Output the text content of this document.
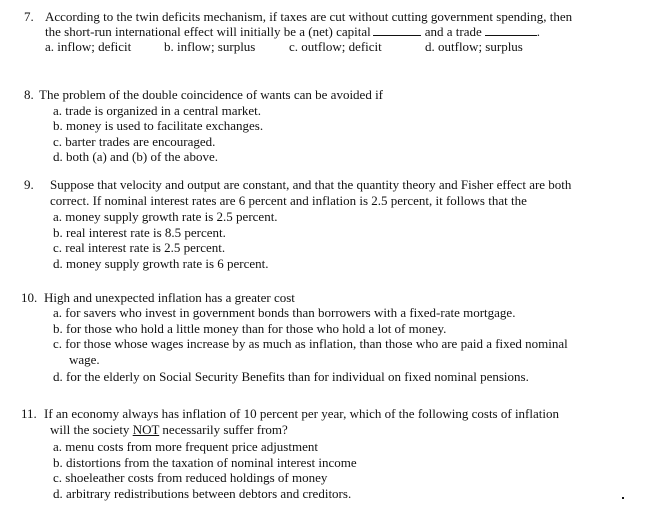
7. According to the twin deficits mechanism, if taxes are cut without cutting government spending, then
the short-run international effect will initially be a (net) capital	and a trade	.
a. inflow; deficit	b. inflow; surplus	c. outflow; deficit	d. outflow; surplus
8. The problem of the double coincidence of wants can be avoided if
a. trade is organized in a central market.
b. money is used to facilitate exchanges.
c. barter trades are encouraged.
d. both (a) and (b) of the above.
9. Suppose that velocity and output are constant, and that the quantity theory and Fisher effect are both
correct. If nominal interest rates are 6 percent and inflation is 2.5 percent, it follows that the
a. money supply growth rate is 2.5 percent.
b. real interest rate is 8.5 percent.
c. real interest rate is 2.5 percent.
d. money supply growth rate is 6 percent.
10. High and unexpected inflation has a greater cost
a. for savers who invest in government bonds than borrowers with a fixed-rate mortgage.
b. for those who hold a little money than for those who hold a lot of money.
c. for those whose wages increase by as much as inflation, than those who are paid a fixed nominal
wage.
d. for the elderly on Social Security Benefits than for individual on fixed nominal pensions.
11. If an economy always has inflation of 10 percent per year, which of the following costs of inflation
will the society NOT necessarily suffer from?
a. menu costs from more frequent price adjustment
b. distortions from the taxation of nominal interest income
c. shoeleather costs from reduced holdings of money
d. arbitrary redistributions between debtors and creditors.
